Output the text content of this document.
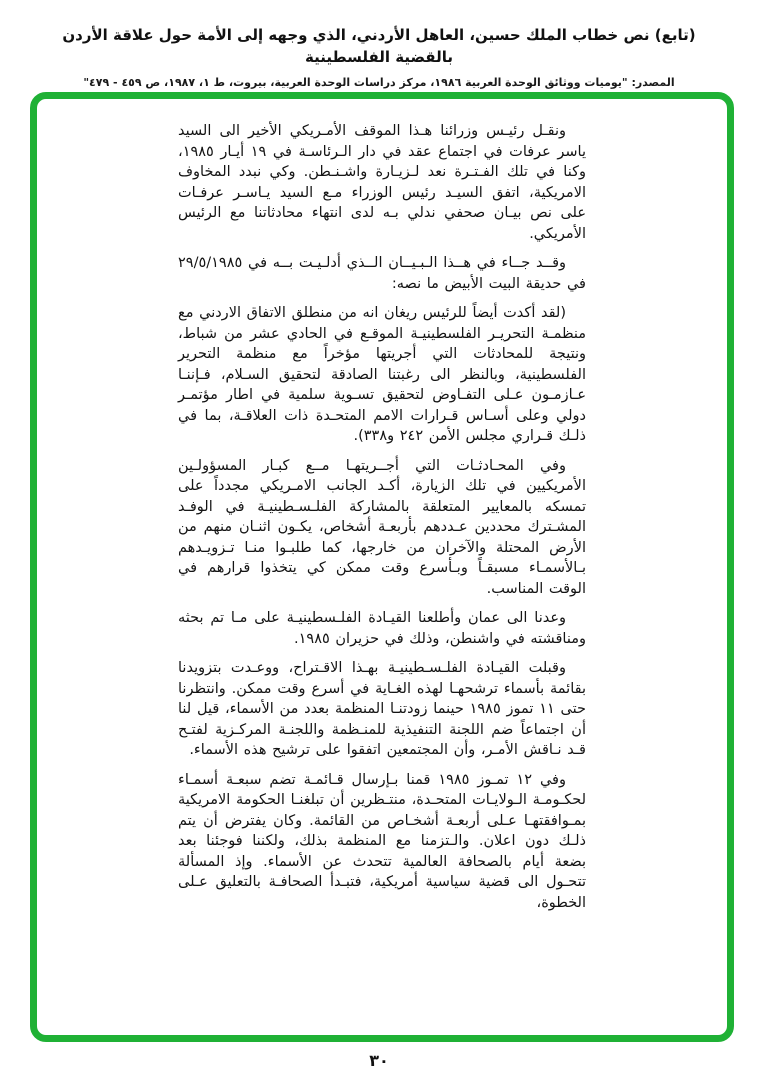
(تابع) نص خطاب الملك حسين، العاهل الأردني، الذي وجهه إلى الأمة حول علاقة الأردن بالقضية الفلسطينية
المصدر: "يوميات ووثائق الوحدة العربية ١٩٨٦، مركز دراسات الوحدة العربية، بيروت، ط ١، ١٩٨٧، ص ٤٥٩ - ٤٧٩"

ونقـل رئيـس وزرائنا هـذا الموقف الأمـريكي الأخير الى السيد ياسر عرفات في اجتماع عقد في دار الـرئاسـة في ١٩ أيـار ١٩٨٥، وكنا في تلك الفـتـرة نعد لـزيـارة واشـنـطن. وكي نبدد المخاوف الامريكية، اتفق السيـد رئيس الوزراء مـع السيد يـاسـر عرفـات على نص بيـان صحفي ندلي بـه لدى انتهاء محادثاتنا مع الرئيس الأمريكي.

وقــد جــاء في هــذا الـبـيــان الــذي أدلـيـت بــه في ٢٩/٥/١٩٨٥ في حديقة البيت الأبيض ما نصه:

(لقد أكدت أيضاً للرئيس ريغان انه من منطلق الاتفاق الاردني مع منظمـة التحريـر الفلسطينيـة الموقـع في الحادي عشر من شباط، ونتيجة للمحادثات التي أجريتها مؤخراً مع منظمة التحرير الفلسطينية، وبالنظر الى رغبتنا الصادقة لتحقيق السـلام، فـإننـا عـازمـون عـلى التفـاوض لتحقيق تسـوية سلمية في اطار مؤتمـر دولي وعلى أسـاس قـرارات الامم المتحـدة ذات العلاقـة، بما في ذلـك قـراري مجلس الأمن ٢٤٢ و٣٣٨).

وفي المحـادثـات التي أجــريتهـا مــع كبـار المسؤولـين الأمريكيين في تلك الزيارة، أكـد الجانب الامـريكي مجدداً على تمسكه بالمعايير المتعلقة بالمشاركة الفلـسـطينيـة في الوفـد المشـترك محددين عـددهم بأربعـة أشخاص، يكـون اثنـان منهم من الأرض المحتلة والآخران من خارجها، كما طلبـوا منـا تـزويـدهم بـالأسمـاء مسبقـاً وبـأسرع وقت ممكن كي يتخذوا قرارهم في الوقت المناسب.

وعدنا الى عمان وأطلعنا القيـادة الفلـسطينيـة على مـا تم بحثه ومناقشته في واشنطن، وذلك في حزيران ١٩٨٥.

وقبلت القيـادة الفلـسـطينيـة بهـذا الاقـتراح، ووعـدت بتزويدنا بقائمة بأسماء ترشحهـا لهذه الغـاية في أسرع وقت ممكن. وانتظرنا حتى ١١ تموز ١٩٨٥ حينما زودتنـا المنظمة بعدد من الأسماء، قيل لنا أن اجتماعاً ضم اللجنة التنفيذية للمنـظمة واللجنـة المركـزية لفتـح قـد نـاقش الأمـر، وأن المجتمعين اتفقوا على ترشيح هذه الأسماء.

وفي ١٢ تمـوز ١٩٨٥ قمنا بـإرسال قـائمـة تضم سبعـة أسمـاء لحكـومـة الـولايـات المتحـدة، منتـظرين أن تبلغنـا الحكومة الامريكية بمـوافقتهـا عـلى أربعـة أشخـاص من القائمة. وكان يفترض أن يتم ذلـك دون اعلان. والـتزمنا مع المنظمة بذلك، ولكننا فوجئنا بعد بضعة أيام بالصحافة العالمية تتحدث عن الأسماء. وإذ المسألة تتحـول الى قضية سياسية أمريكية، فتبـدأ الصحافـة بالتعليق عـلى الخطوة،

٣٠
